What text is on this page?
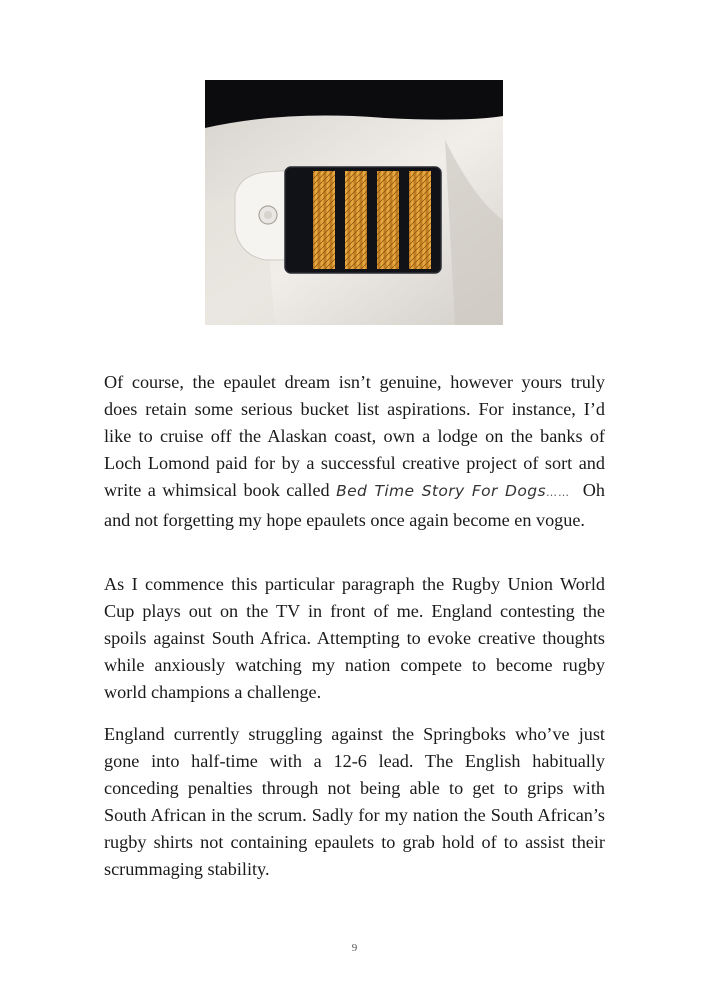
Of course, the epaulet dream isn’t genuine, however yours truly does retain some serious bucket list aspirations. For instance, I’d like to cruise off the Alaskan coast, own a lodge on the banks of Loch Lomond paid for by a successful creative project of sort and write a whimsical book called Bed Time Story For Dogs……  Oh and not forgetting my hope epaulets once again become en vogue.

As I commence this particular paragraph the Rugby Union World Cup plays out on the TV in front of me. England contesting the spoils against South Africa. Attempting to evoke creative thoughts while anxiously watching my nation compete to become rugby world champions a challenge.

England currently struggling against the Springboks who’ve just gone into half-time with a 12-6 lead. The English habitually conceding penalties through not being able to get to grips with South African in the scrum. Sadly for my nation the South African’s rugby shirts not containing epaulets to grab hold of to assist their scrummaging stability.

9
